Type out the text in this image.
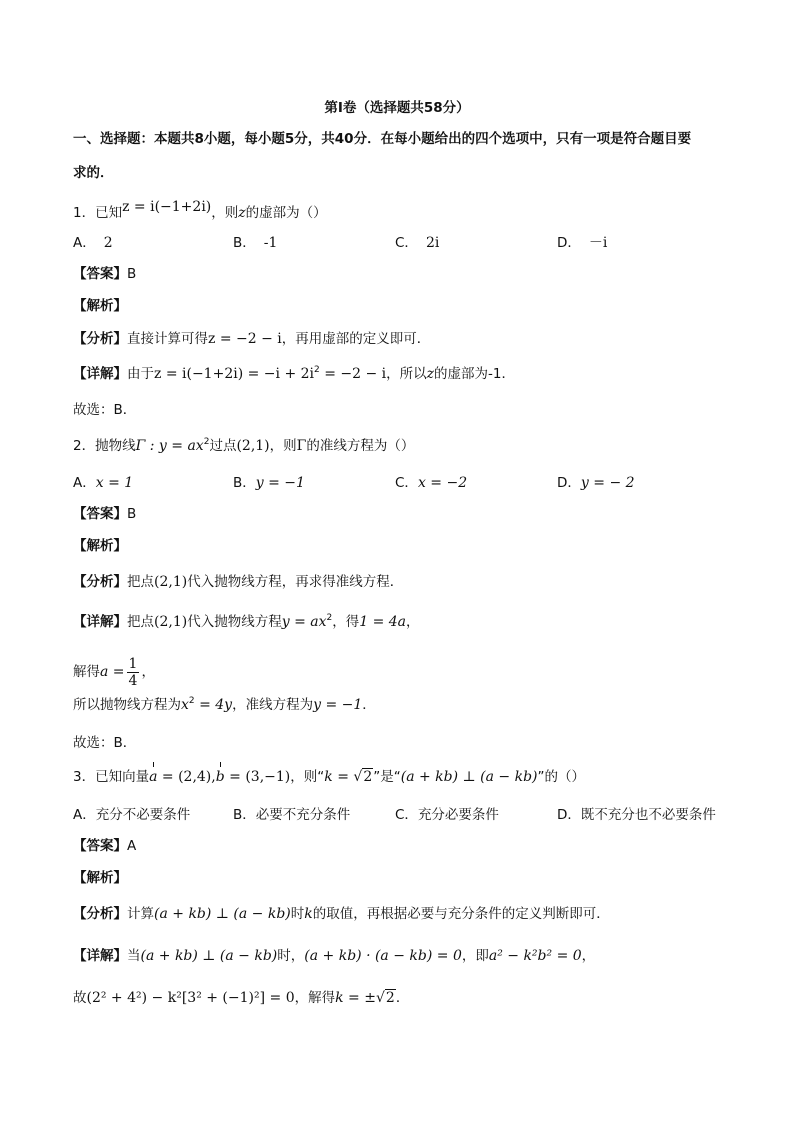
第Ⅰ卷（选择题共58分）
一、选择题：本题共8小题，每小题5分，共40分．在每小题给出的四个选项中，只有一项是符合题目要
求的．
1．已知z = i(−1+2i)，则z的虚部为（）
A． 2	B． -1	C． 2i	D． －i
【答案】B
【解析】
【分析】直接计算可得z = −2 − i，再用虚部的定义即可．
【详解】由于$z = i(-1+2i) = -i + 2i^2 = -2 - i$，所以z的虚部为-1．
故选：B．
2．抛物线Γ : $y = ax^2$过点(2,1)，则Γ的准线方程为（）
A．x = 1	B．y = −1	C．x = −2	D．y = − 2
【答案】B
【解析】
【分析】把点(2,1)代入抛物线方程，再求得准线方程．
【详解】把点(2,1)代入抛物线方程$y = ax^2$，得1 = 4a，
解得$a = \frac{1}{4}$ ，
所以抛物线方程为$x^2 = 4y$，准线方程为y = −1．
故选：B．
3．已知向量a = (2,4),b = (3,−1)，则“k = √2”是“(a + kb) ⊥ (a − kb)”的（）
A．充分不必要条件	B．必要不充分条件	C．充分必要条件	D．既不充分也不必要条件
【答案】A
【解析】
【分析】计算(a + kb) ⊥ (a − kb)时k的取值，再根据必要与充分条件的定义判断即可．
【详解】当(a + kb) ⊥ (a − kb)时，(a + kb) · (a − kb) = 0，即a² − k²b² = 0，
故(2² + 4²) − k²[3² + (−1)²] = 0，解得k = ±√2．
